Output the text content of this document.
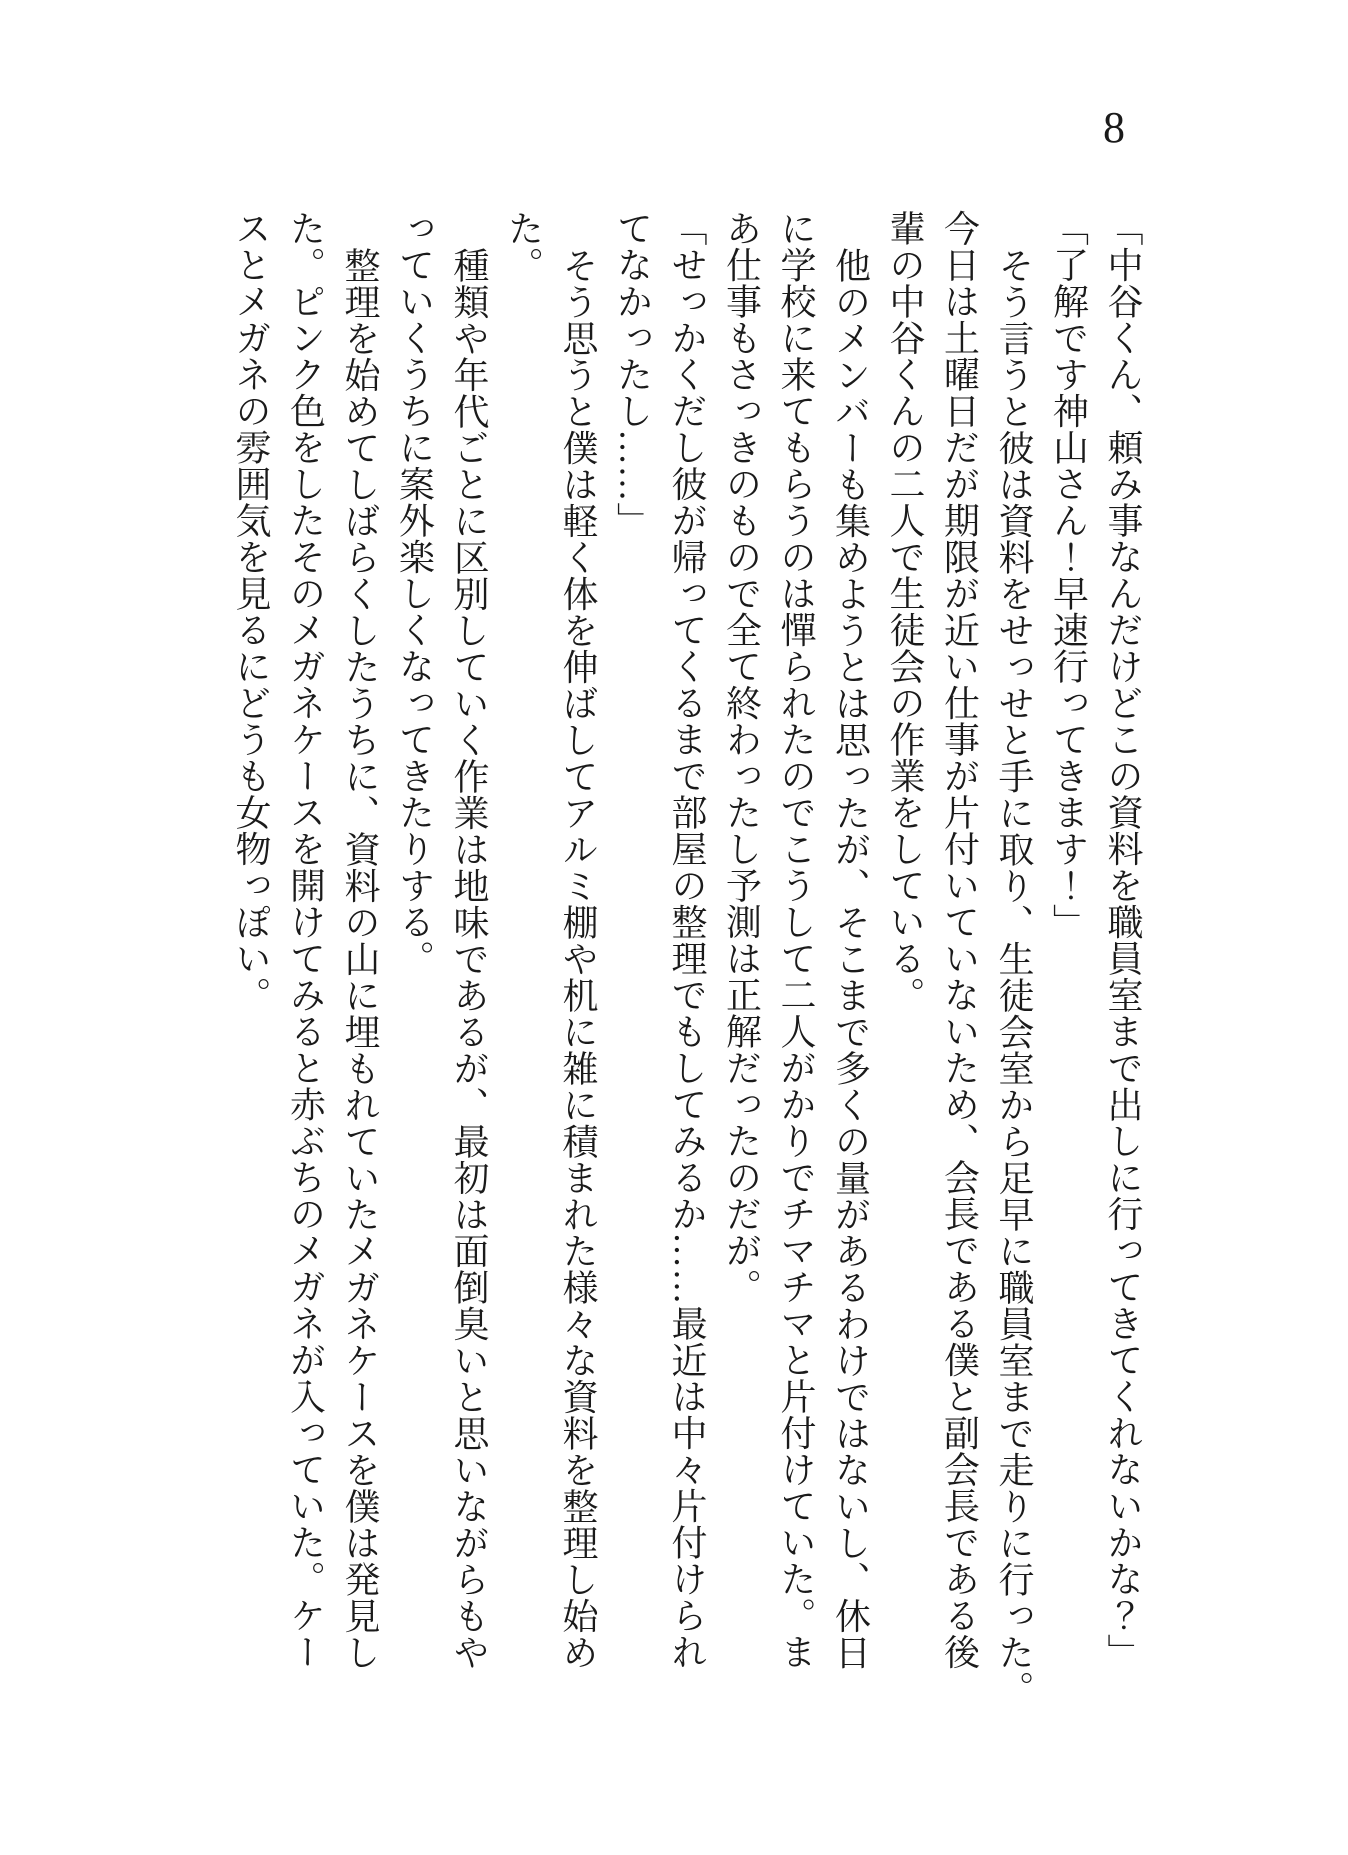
8

「中谷くん、頼み事なんだけどこの資料を職員室まで出しに行ってきてくれないかな？」

「了解です神山さん！早速行ってきます！」

そう言うと彼は資料をせっせと手に取り、生徒会室から足早に職員室まで走りに行った。

今日は土曜日だが期限が近い仕事が片付いていないため、会長である僕と副会長である後

輩の中谷くんの二人で生徒会の作業をしている。

他のメンバーも集めようとは思ったが、そこまで多くの量があるわけではないし、休日

に学校に来てもらうのは憚られたのでこうして二人がかりでチマチマと片付けていた。ま

あ仕事もさっきのもので全て終わったし予測は正解だったのだが。

「せっかくだし彼が帰ってくるまで部屋の整理でもしてみるか……最近は中々片付けられ

てなかったし……」

そう思うと僕は軽く体を伸ばしてアルミ棚や机に雑に積まれた様々な資料を整理し始め

た。

種類や年代ごとに区別していく作業は地味であるが、最初は面倒臭いと思いながらもや

っていくうちに案外楽しくなってきたりする。

整理を始めてしばらくしたうちに、資料の山に埋もれていたメガネケースを僕は発見し

た。ピンク色をしたそのメガネケースを開けてみると赤ぶちのメガネが入っていた。ケー

スとメガネの雰囲気を見るにどうも女物っぽい。
